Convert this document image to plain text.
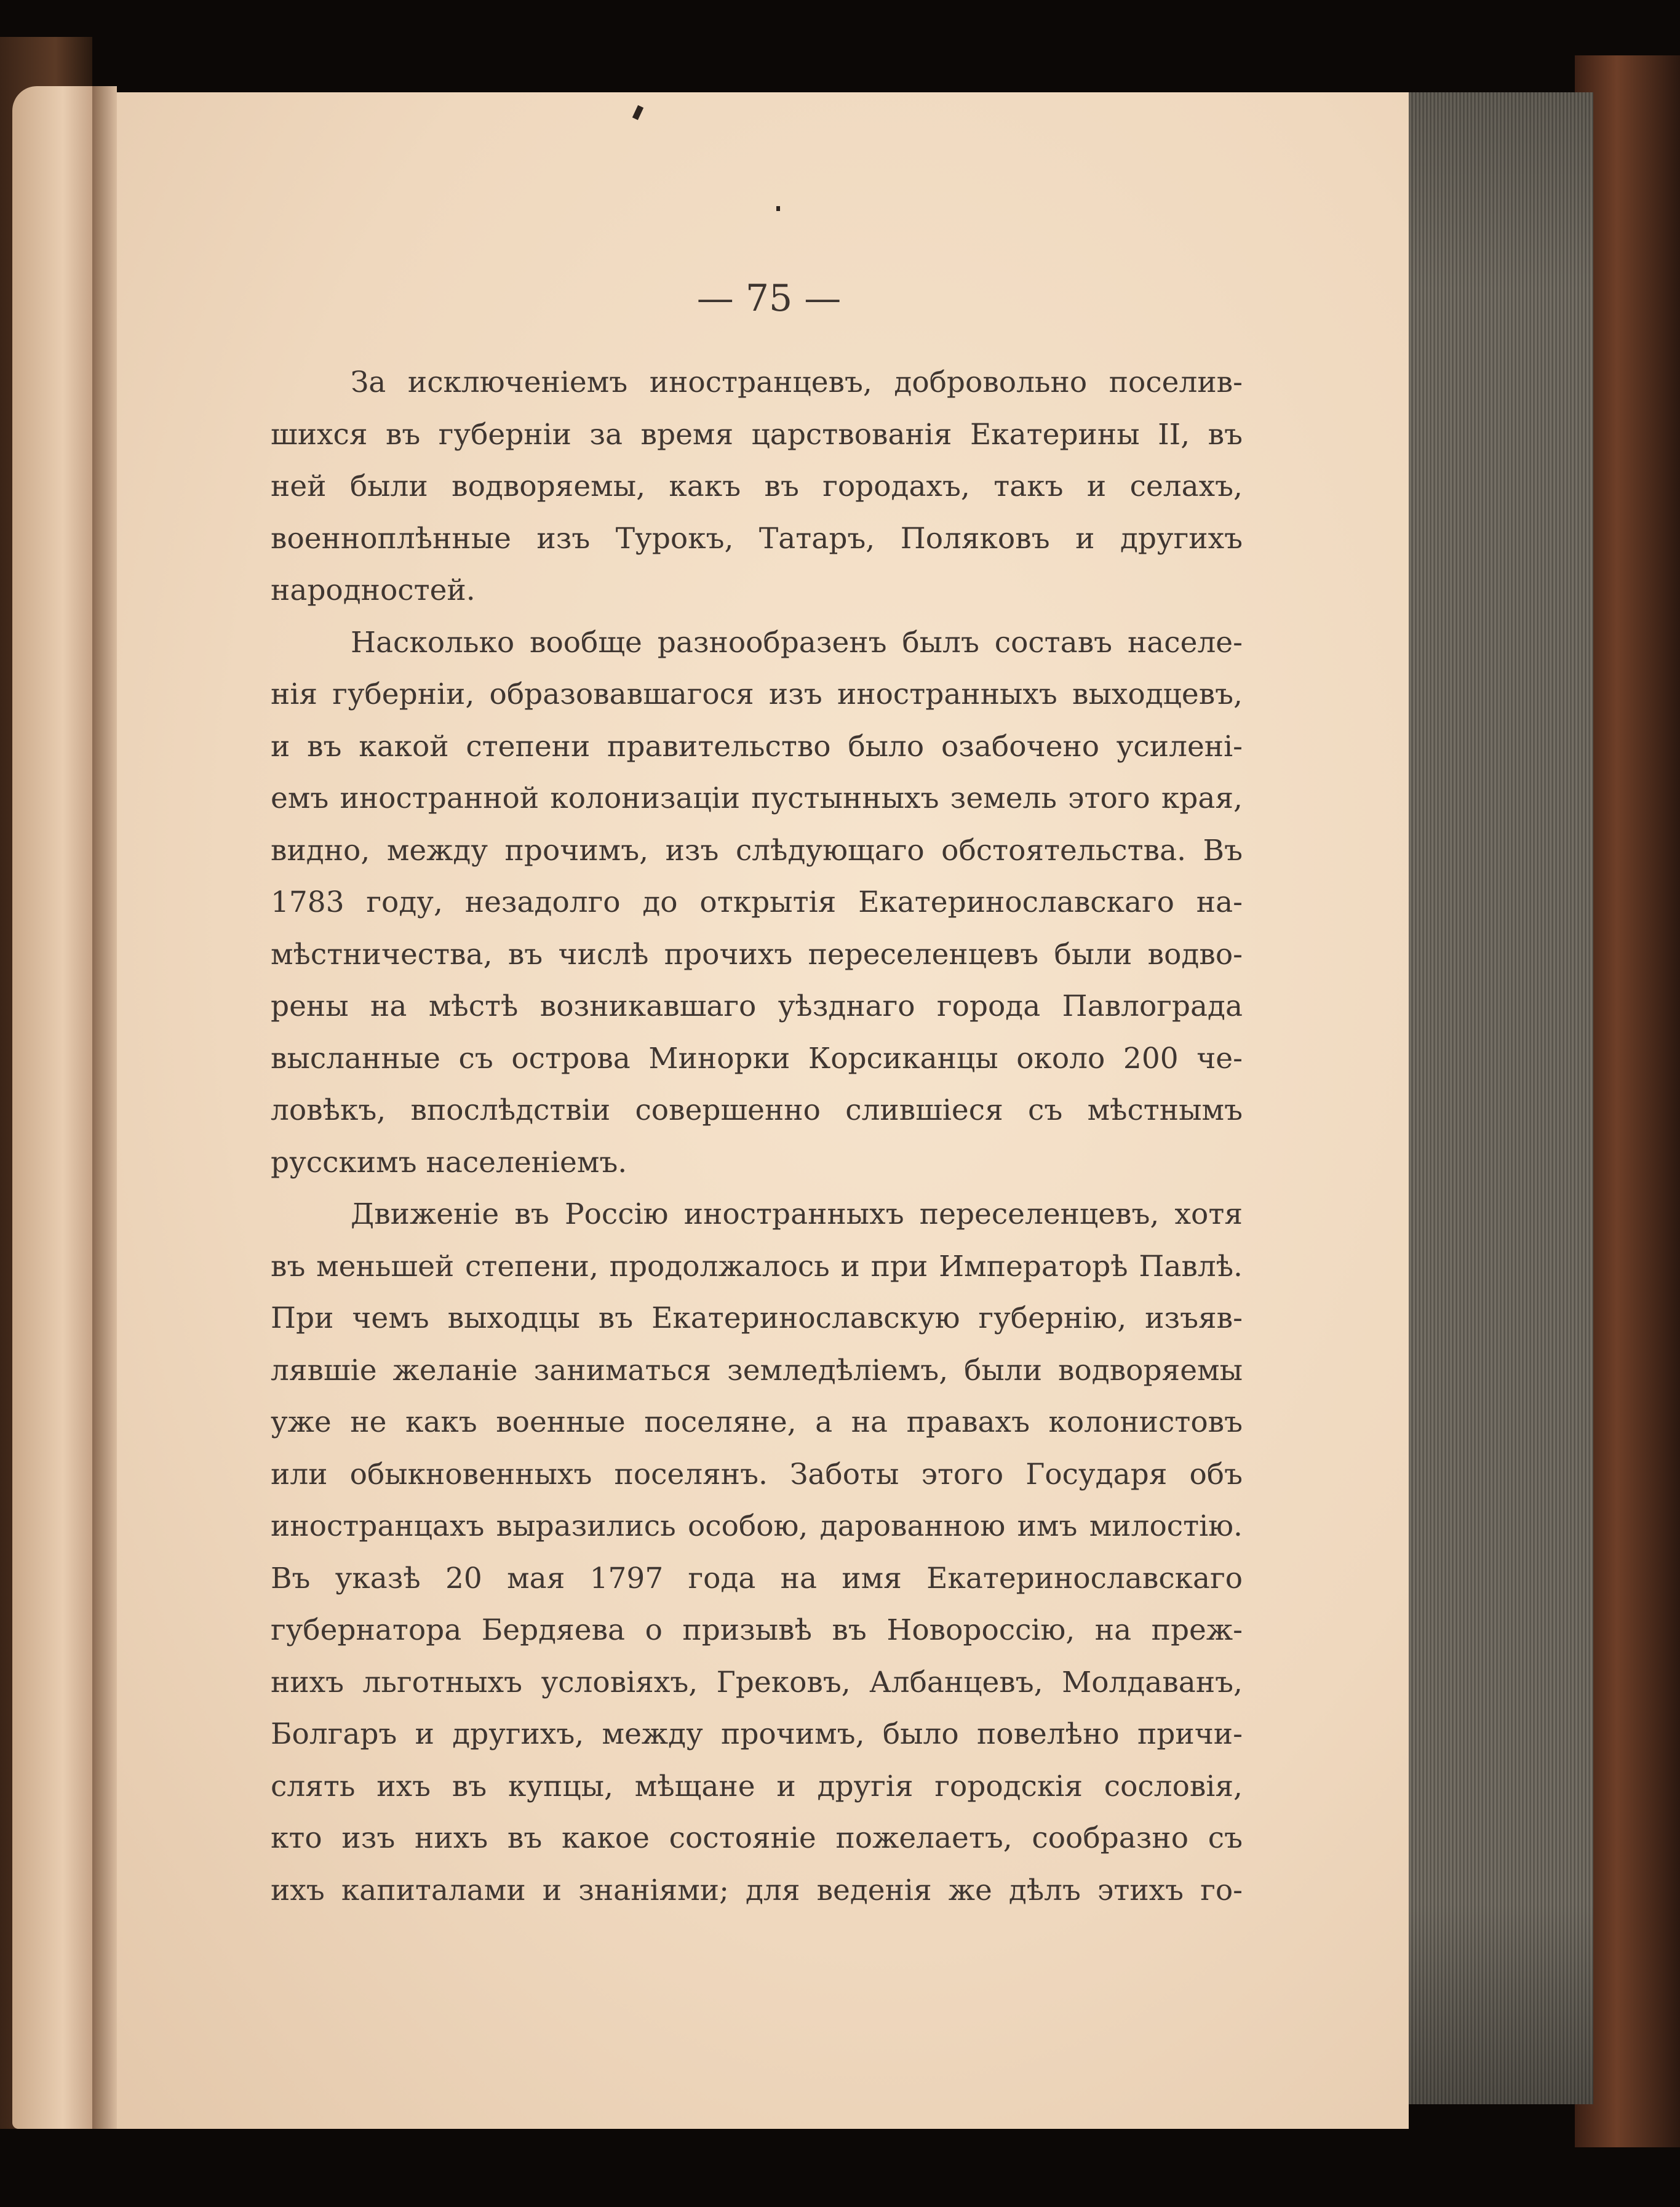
— 75 —
За исключеніемъ иностранцевъ, добровольно поселив-
шихся въ губерніи за время царствованія Екатерины II, въ
ней были водворяемы, какъ въ городахъ, такъ и селахъ,
военноплѣнные изъ Турокъ, Татаръ, Поляковъ и другихъ
народностей.
Насколько вообще разнообразенъ былъ составъ населе-
нія губерніи, образовавшагося изъ иностранныхъ выходцевъ,
и въ какой степени правительство было озабочено усиленi-
емъ иностранной колонизаціи пустынныхъ земель этого края,
видно, между прочимъ, изъ слѣдующаго обстоятельства. Въ
1783 году, незадолго до открытія Екатеринославскаго на-
мѣстничества, въ числѣ прочихъ переселенцевъ были водво-
рены на мѣстѣ возникавшаго уѣзднаго города Павлограда
высланные съ острова Минорки Корсиканцы около 200 че-
ловѣкъ, впослѣдствіи совершенно слившіеся съ мѣстнымъ
русскимъ населеніемъ.
Движеніе въ Россію иностранныхъ переселенцевъ, хотя
въ меньшей степени, продолжалось и при Императорѣ Павлѣ.
При чемъ выходцы въ Екатеринославскую губернію, изъяв-
лявшіе желаніе заниматься земледѣліемъ, были водворяемы
уже не какъ военные поселяне, а на правахъ колонистовъ
или обыкновенныхъ поселянъ. Заботы этого Государя объ
иностранцахъ выразились особою, дарованною имъ милостію.
Въ указѣ 20 мая 1797 года на имя Екатеринославскаго
губернатора Бердяева о призывѣ въ Новороссію, на преж-
нихъ льготныхъ условіяхъ, Грековъ, Албанцевъ, Молдаванъ,
Болгаръ и другихъ, между прочимъ, было повелѣно причи-
слять ихъ въ купцы, мѣщане и другія городскія сословія,
кто изъ нихъ въ какое состояніе пожелаетъ, сообразно съ
ихъ капиталами и знаніями; для веденія же дѣлъ этихъ го-
